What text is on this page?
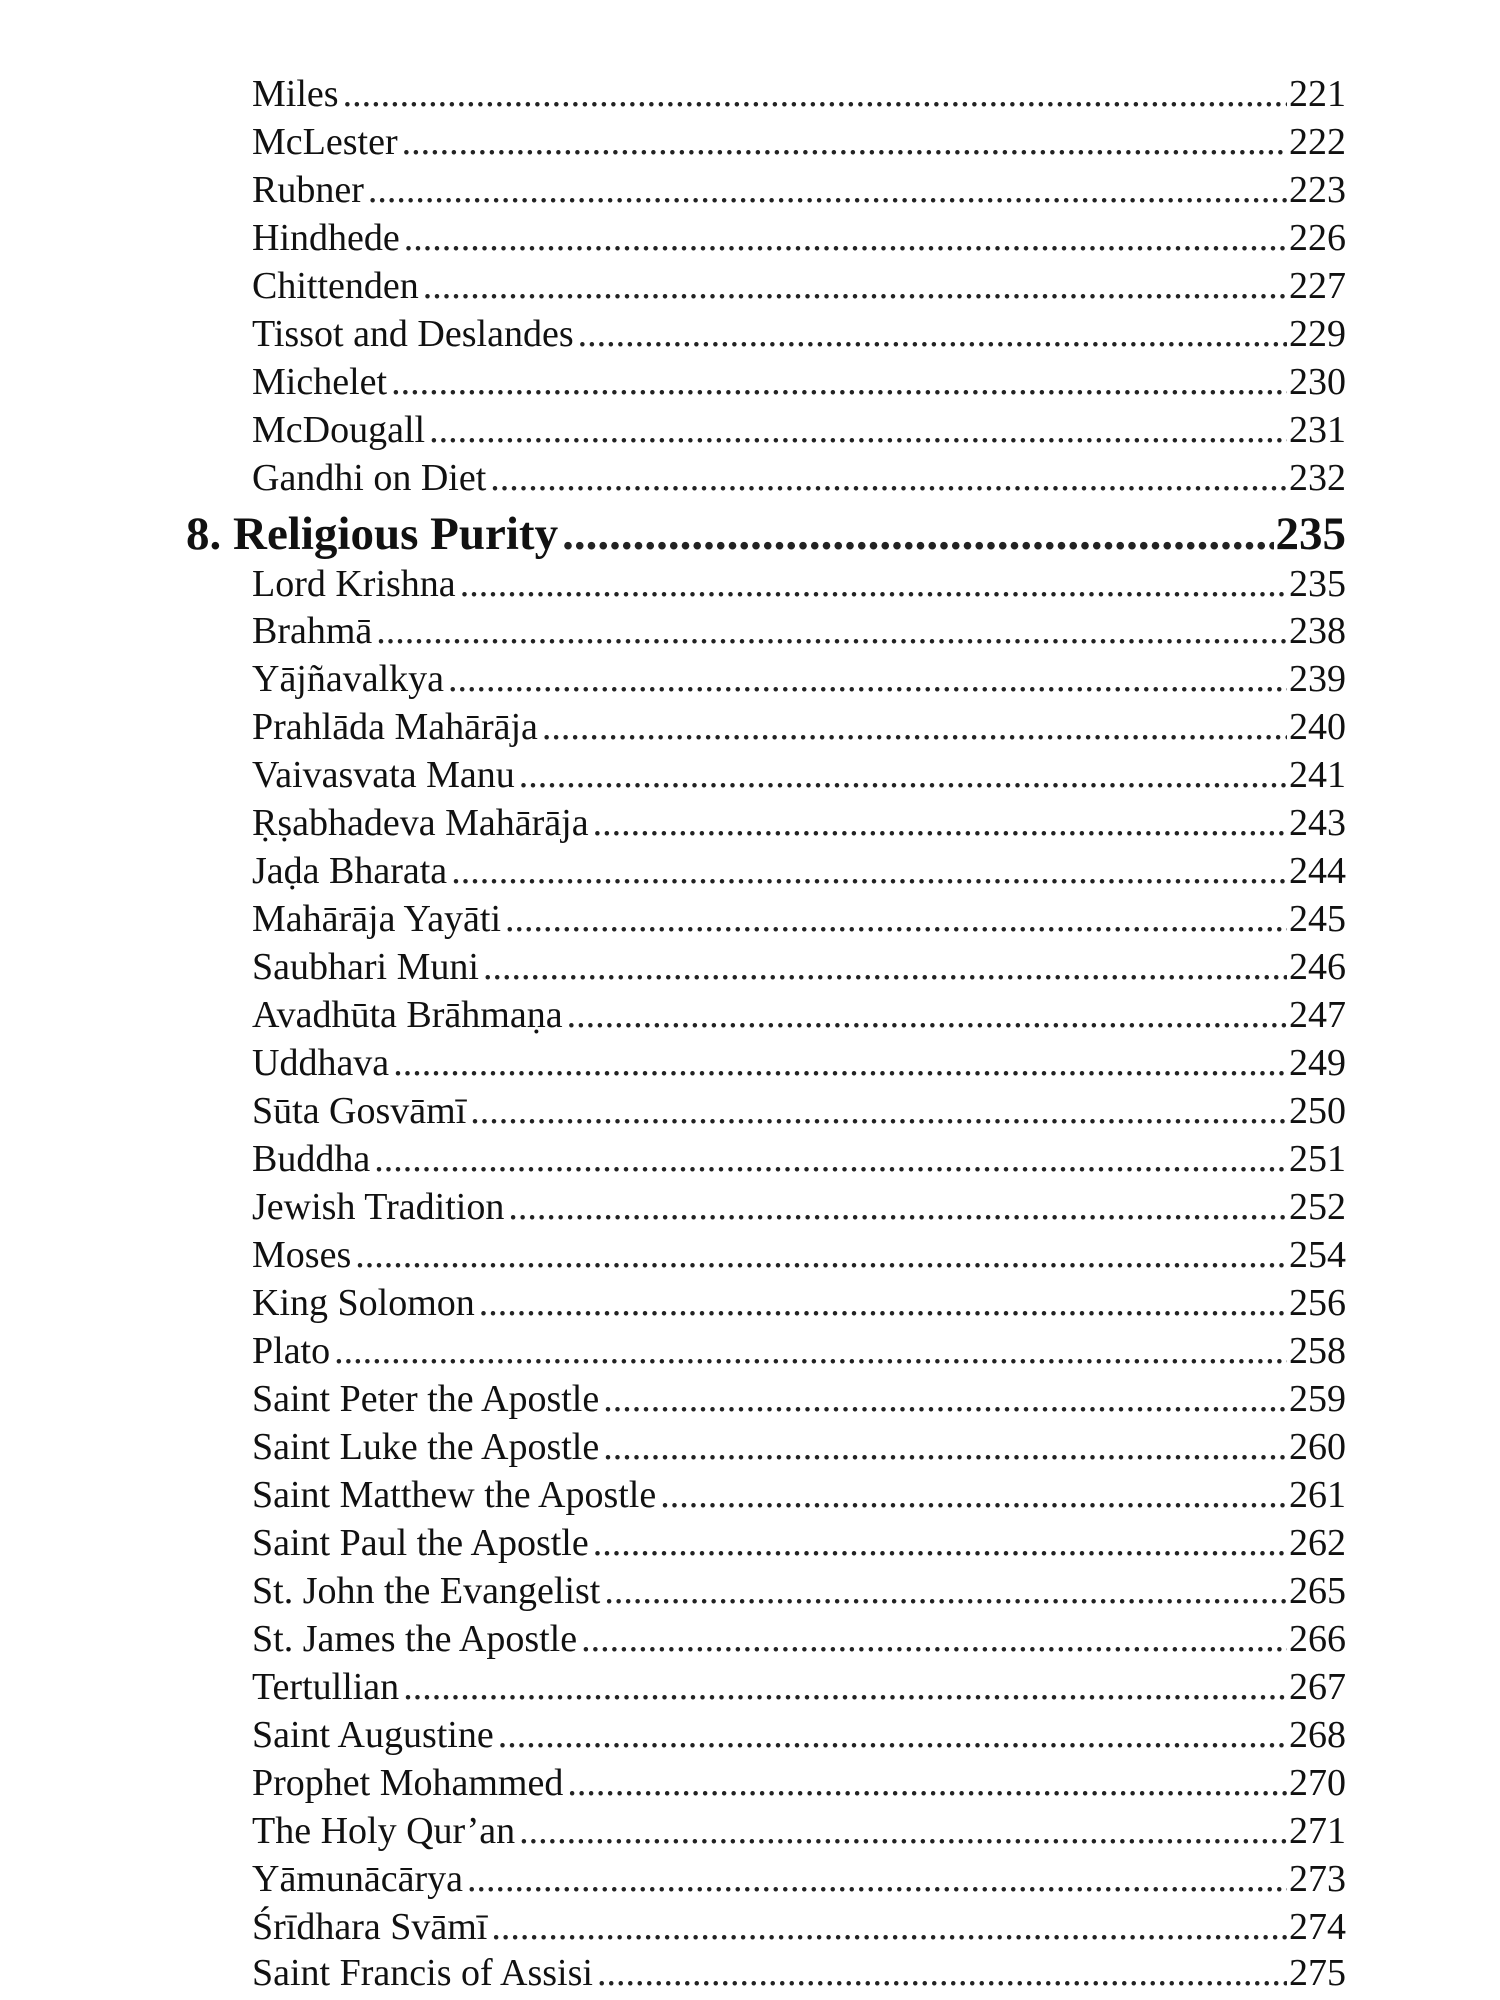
Miles .....	221
McLester .....	222
Rubner .....	223
Hindhede .....	226
Chittenden .....	227
Tissot and Deslandes .....	229
Michelet .....	230
McDougall .....	231
Gandhi on Diet .....	232
8. Religious Purity .....	235
Lord Krishna .....	235
Brahmā .....	238
Yājñavalkya .....	239
Prahlāda Mahārāja .....	240
Vaivasvata Manu .....	241
Ṛṣabhadeva Mahārāja .....	243
Jaḍa Bharata .....	244
Mahārāja Yayāti .....	245
Saubhari Muni .....	246
Avadhūta Brāhmaṇa .....	247
Uddhava .....	249
Sūta Gosvāmī .....	250
Buddha .....	251
Jewish Tradition .....	252
Moses .....	254
King Solomon .....	256
Plato .....	258
Saint Peter the Apostle .....	259
Saint Luke the Apostle .....	260
Saint Matthew the Apostle .....	261
Saint Paul the Apostle .....	262
St. John the Evangelist .....	265
St. James the Apostle .....	266
Tertullian .....	267
Saint Augustine .....	268
Prophet Mohammed .....	270
The Holy Qur’an .....	271
Yāmunācārya .....	273
Śrīdhara Svāmī .....	274
Saint Francis of Assisi .....	275
